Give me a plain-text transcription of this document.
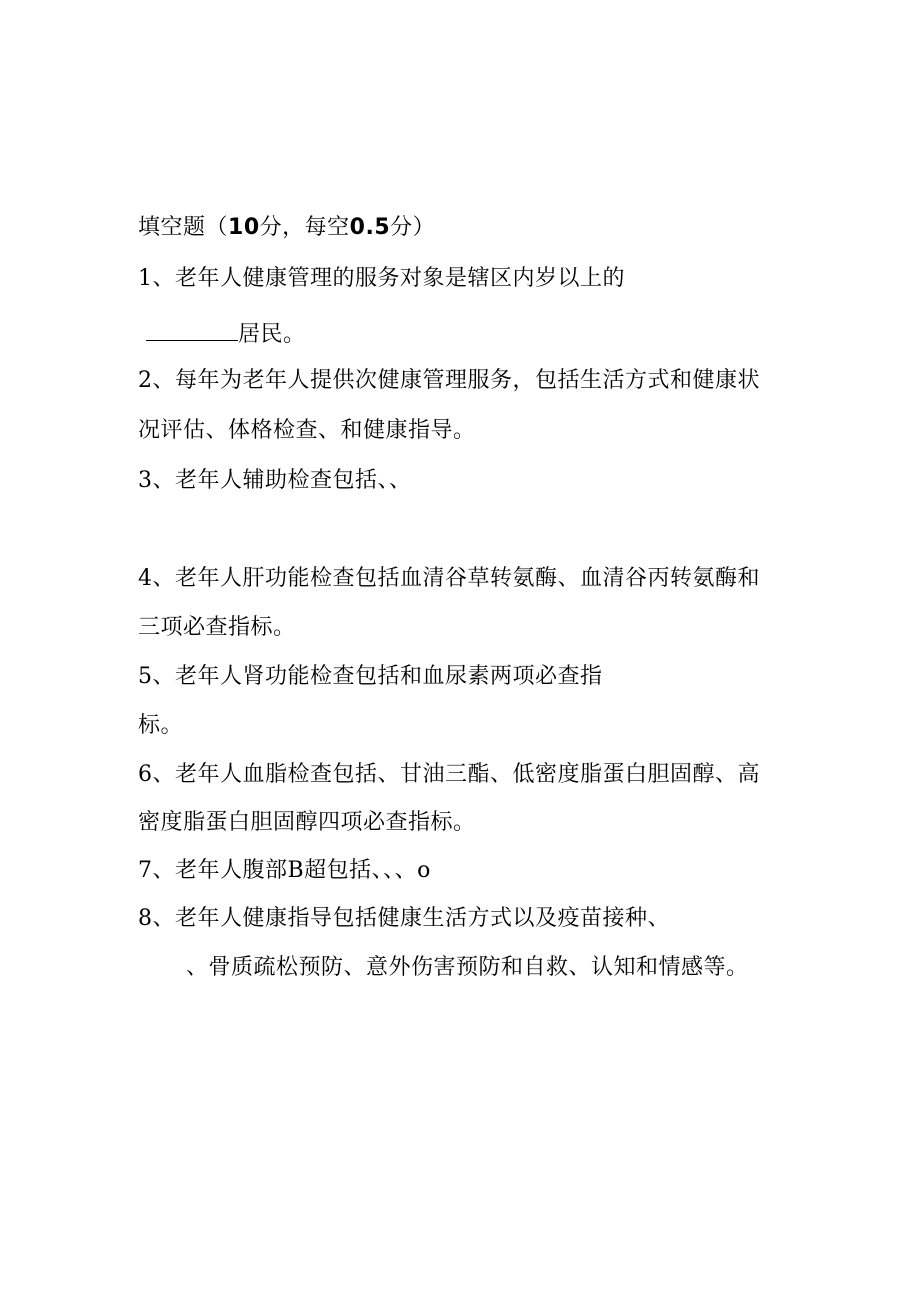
填空题（10分，每空0.5分）
1、老年人健康管理的服务对象是辖区内岁以上的
居民。
2、每年为老年人提供次健康管理服务，包括生活方式和健康状
况评估、体格检查、和健康指导。
3、老年人辅助检查包括、、
4、老年人肝功能检查包括血清谷草转氨酶、血清谷丙转氨酶和
三项必查指标。
5、老年人肾功能检查包括和血尿素两项必查指
标。
6、老年人血脂检查包括、甘油三酯、低密度脂蛋白胆固醇、高
密度脂蛋白胆固醇四项必查指标。
7、老年人腹部B超包括、、、o
8、老年人健康指导包括健康生活方式以及疫苗接种、
、骨质疏松预防、意外伤害预防和自救、认知和情感等。
